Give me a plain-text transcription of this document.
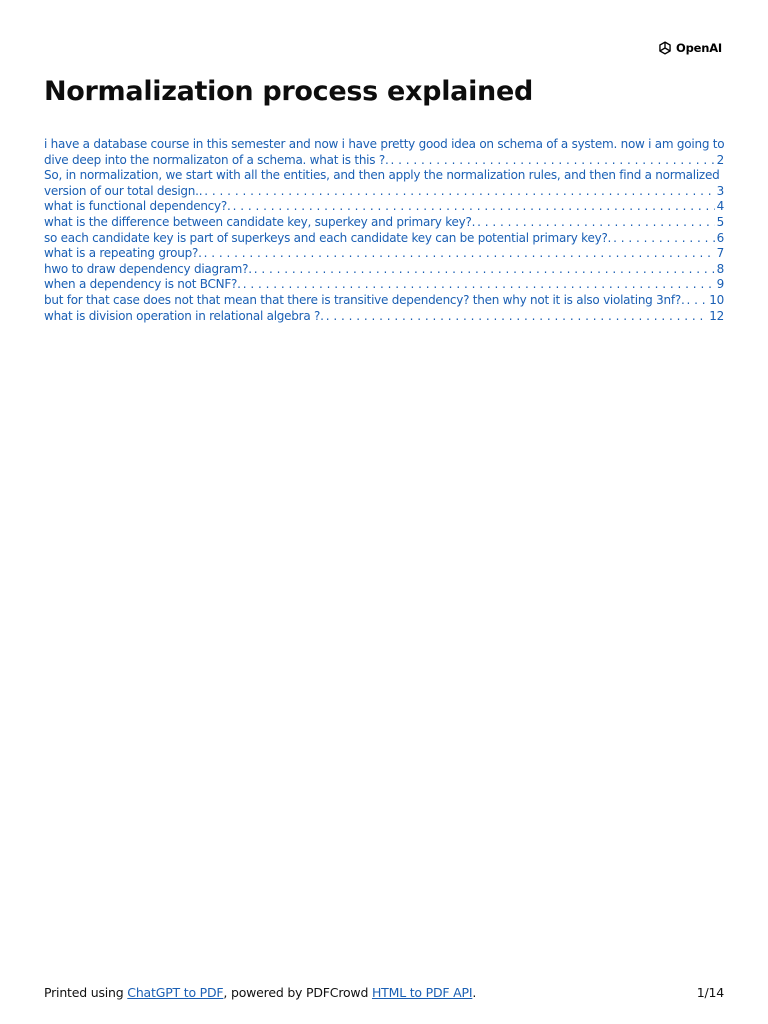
OpenAI
Normalization process explained
i have a database course in this semester and now i have pretty good idea on schema of a system. now i am going to
dive deep into the normalizaton of a schema. what is this ?. . . .	2
So, in normalization, we start with all the entities, and then apply the normalization rules, and then find a normalized
version of our total design.. . . .	3
what is functional dependency?. . . .	4
what is the difference between candidate key, superkey and primary key?. . . .	5
so each candidate key is part of superkeys and each candidate key can be potential primary key?. . . .	6
what is a repeating group?. . . .	7
hwo to draw dependency diagram?. . . .	8
when a dependency is not BCNF?. . . .	9
but for that case does not that mean that there is transitive dependency? then why not it is also violating 3nf?. . . . 10
what is division operation in relational algebra ?. . . .	12
Printed using ChatGPT to PDF, powered by PDFCrowd HTML to PDF API.	1/14
